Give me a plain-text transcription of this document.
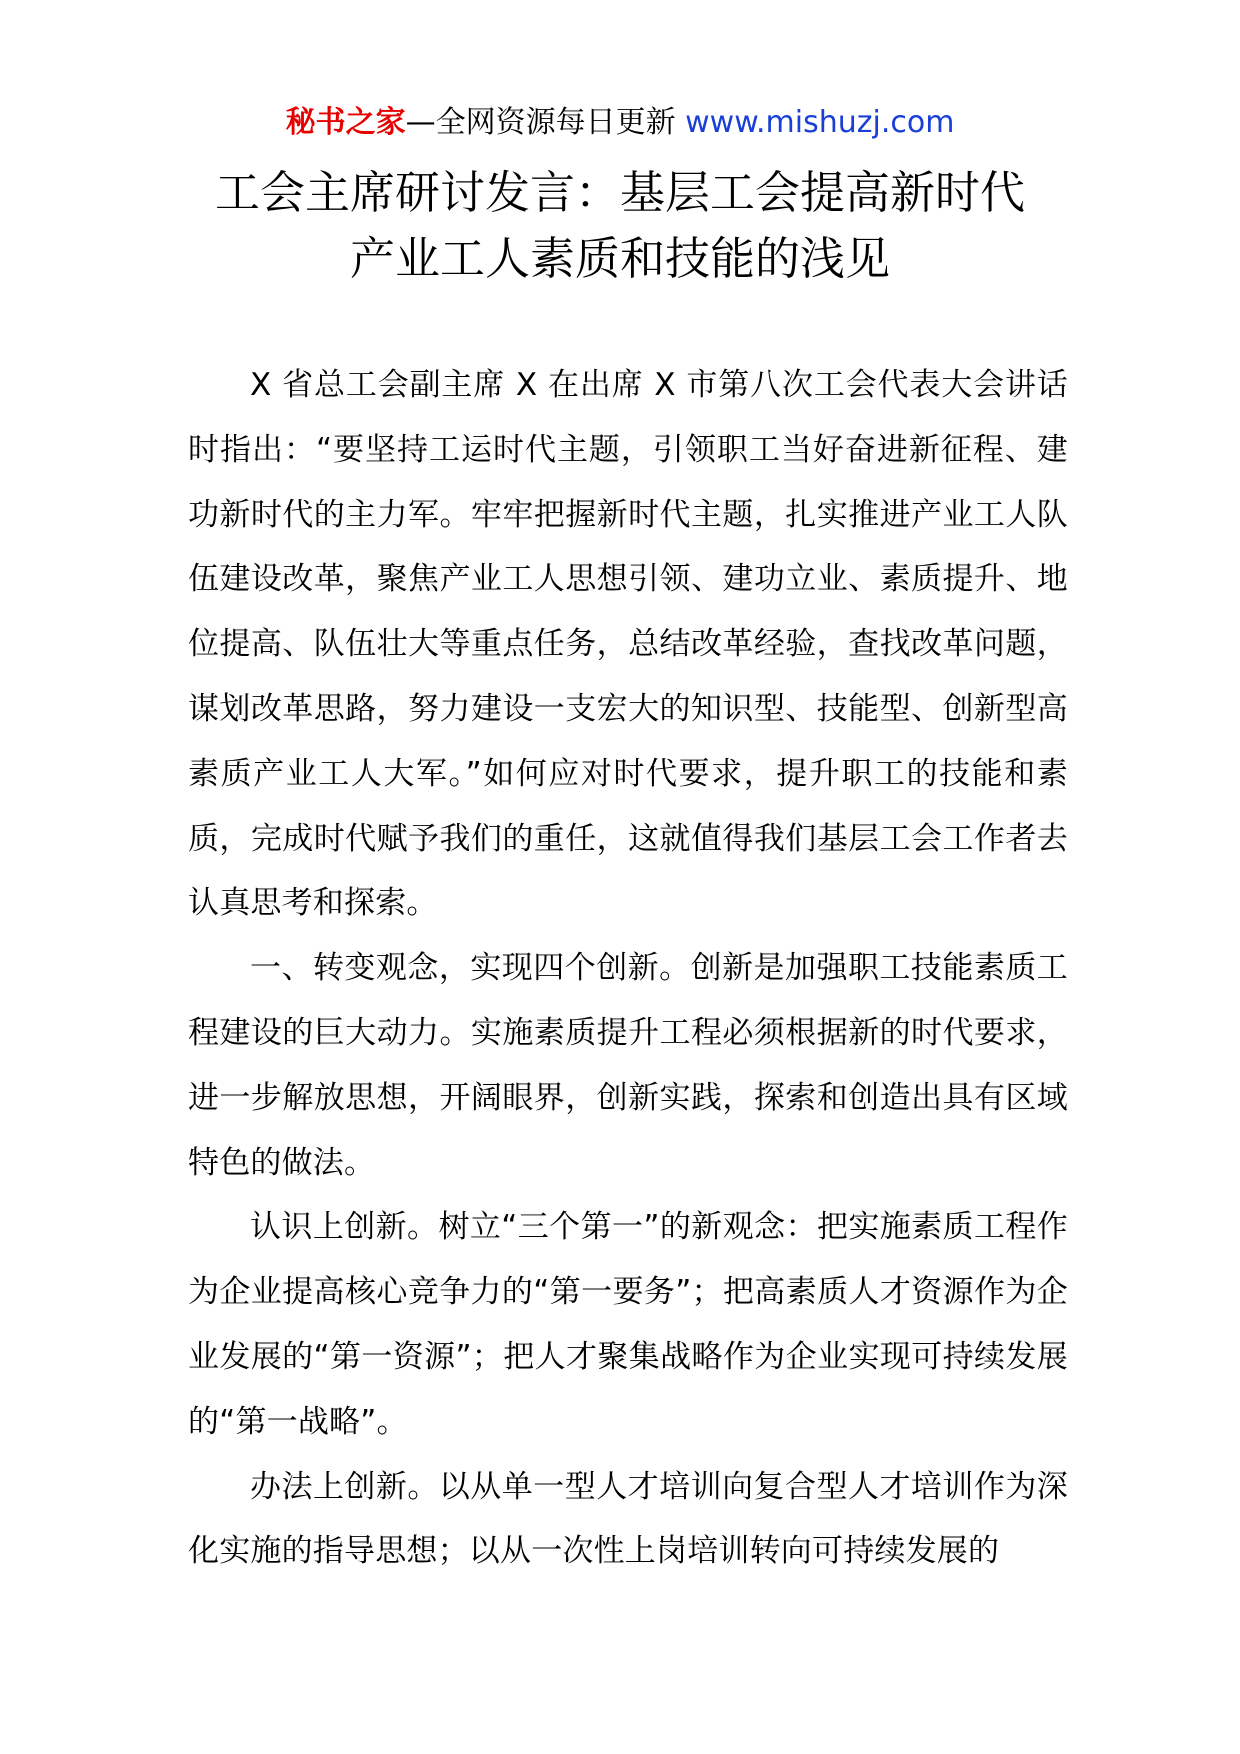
秘书之家—全网资源每日更新 www.mishuzj.com
工会主席研讨发言：基层工会提高新时代
产业工人素质和技能的浅见

X 省总工会副主席 X 在出席 X 市第八次工会代表大会讲话时指出：“要坚持工运时代主题，引领职工当好奋进新征程、建功新时代的主力军。牢牢把握新时代主题，扎实推进产业工人队伍建设改革，聚焦产业工人思想引领、建功立业、素质提升、地位提高、队伍壮大等重点任务，总结改革经验，查找改革问题，谋划改革思路，努力建设一支宏大的知识型、技能型、创新型高素质产业工人大军。”如何应对时代要求，提升职工的技能和素质，完成时代赋予我们的重任，这就值得我们基层工会工作者去认真思考和探索。

一、转变观念，实现四个创新。创新是加强职工技能素质工程建设的巨大动力。实施素质提升工程必须根据新的时代要求，进一步解放思想，开阔眼界，创新实践，探索和创造出具有区域特色的做法。

认识上创新。树立“三个第一”的新观念：把实施素质工程作为企业提高核心竞争力的“第一要务”；把高素质人才资源作为企业发展的“第一资源”；把人才聚集战略作为企业实现可持续发展的“第一战略”。

办法上创新。以从单一型人才培训向复合型人才培训作为深化实施的指导思想；以从一次性上岗培训转向可持续发展的
